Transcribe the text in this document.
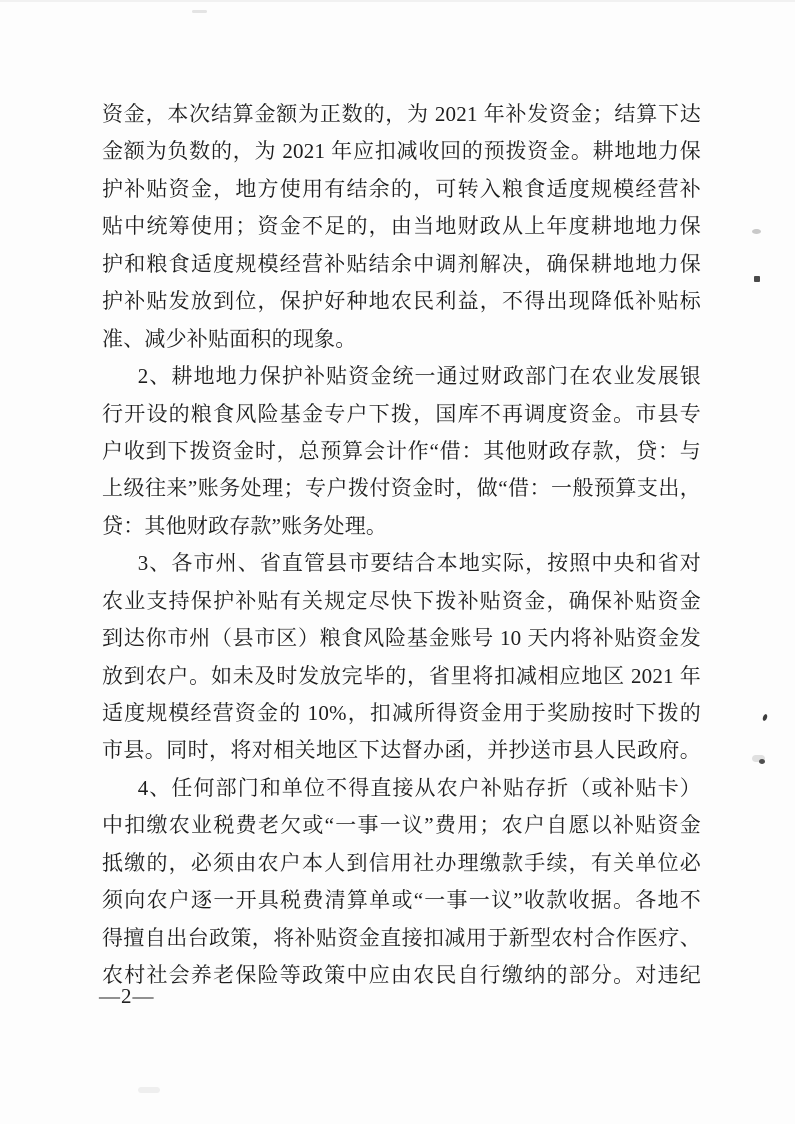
资金，本次结算金额为正数的，为 2021 年补发资金；结算下达
金额为负数的，为 2021 年应扣减收回的预拨资金。耕地地力保
护补贴资金，地方使用有结余的，可转入粮食适度规模经营补
贴中统筹使用；资金不足的，由当地财政从上年度耕地地力保
护和粮食适度规模经营补贴结余中调剂解决，确保耕地地力保
护补贴发放到位，保护好种地农民利益，不得出现降低补贴标
准、减少补贴面积的现象。
2、耕地地力保护补贴资金统一通过财政部门在农业发展银
行开设的粮食风险基金专户下拨，国库不再调度资金。市县专
户收到下拨资金时，总预算会计作“借：其他财政存款，贷：与
上级往来”账务处理；专户拨付资金时，做“借：一般预算支出，
贷：其他财政存款”账务处理。
3、各市州、省直管县市要结合本地实际，按照中央和省对
农业支持保护补贴有关规定尽快下拨补贴资金，确保补贴资金
到达你市州（县市区）粮食风险基金账号 10 天内将补贴资金发
放到农户。如未及时发放完毕的，省里将扣减相应地区 2021 年
适度规模经营资金的 10%，扣减所得资金用于奖励按时下拨的
市县。同时，将对相关地区下达督办函，并抄送市县人民政府。
4、任何部门和单位不得直接从农户补贴存折（或补贴卡）
中扣缴农业税费老欠或“一事一议”费用；农户自愿以补贴资金
抵缴的，必须由农户本人到信用社办理缴款手续，有关单位必
须向农户逐一开具税费清算单或“一事一议”收款收据。各地不
得擅自出台政策，将补贴资金直接扣减用于新型农村合作医疗、
农村社会养老保险等政策中应由农民自行缴纳的部分。对违纪
—2—
